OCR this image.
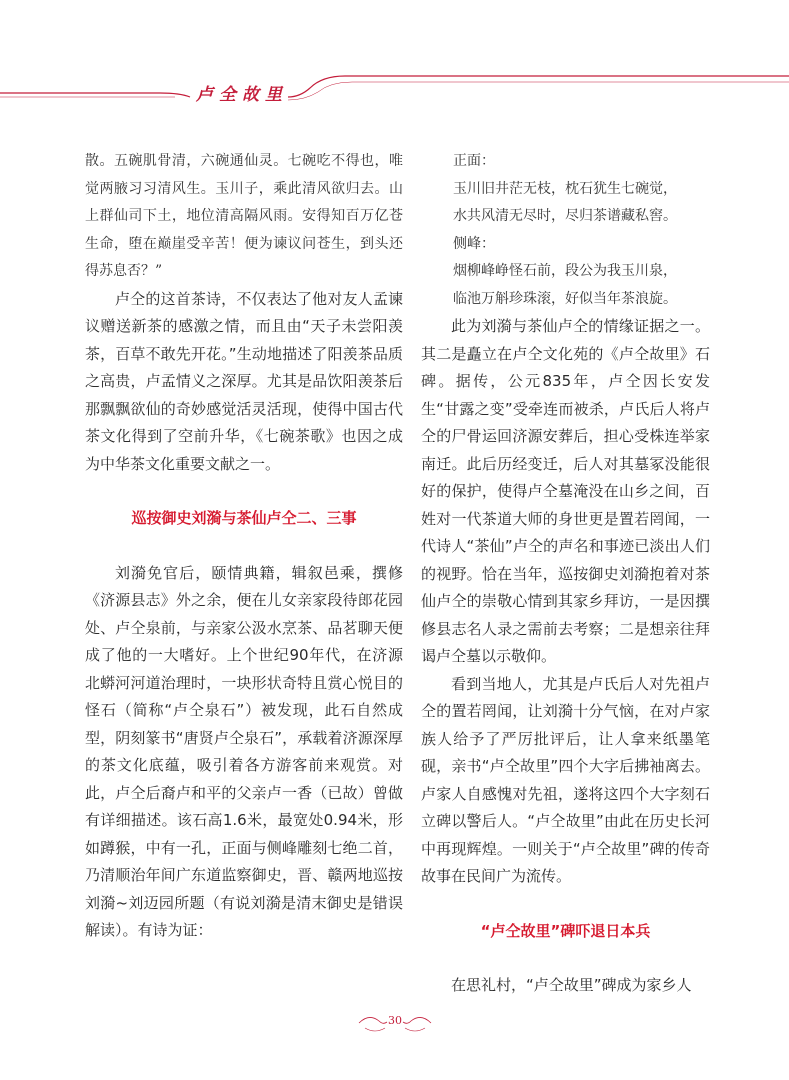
卢全故里

散。五碗肌骨清，六碗通仙灵。七碗吃不得也，唯觉两腋习习清风生。玉川子，乘此清风欲归去。山上群仙司下土，地位清高隔风雨。安得知百万亿苍生命，堕在巅崖受辛苦！便为谏议问苍生，到头还得苏息否？”

卢仝的这首茶诗，不仅表达了他对友人孟谏议赠送新茶的感激之情，而且由“天子未尝阳羡茶，百草不敢先开花。”生动地描述了阳羡茶品质之高贵，卢孟情义之深厚。尤其是品饮阳羡茶后那飘飘欲仙的奇妙感觉活灵活现，使得中国古代茶文化得到了空前升华，《七碗茶歌》也因之成为中华茶文化重要文献之一。

巡按御史刘漪与茶仙卢仝二、三事

刘漪免官后，颐情典籍，辑叙邑乘，撰修《济源县志》外之余，便在儿女亲家段待郎花园处、卢仝泉前，与亲家公汲水烹茶、品茗聊天便成了他的一大嗜好。上个世纪90年代，在济源北蟒河河道治理时，一块形状奇特且赏心悦目的怪石（简称“卢仝泉石”）被发现，此石自然成型，阴刻篆书“唐贤卢仝泉石”，承载着济源深厚的茶文化底蕴，吸引着各方游客前来观赏。对此，卢仝后裔卢和平的父亲卢一香（已故）曾做有详细描述。该石高1.6米，最宽处0.94米，形如蹲猴，中有一孔，正面与侧峰雕刻七绝二首，乃清顺治年间广东道监察御史，晋、赣两地巡按刘漪~刘迈园所题（有说刘漪是清末御史是错误解读）。有诗为证：

正面：
玉川旧井茫无枝，枕石犹生七碗觉，
水共风清无尽时，尽归茶谱藏私窖。
侧峰：
烟柳峰峥怪石前，段公为我玉川泉，
临池万斛珍珠滚，好似当年茶浪旋。

此为刘漪与茶仙卢仝的情缘证据之一。其二是矗立在卢仝文化苑的《卢仝故里》石碑。据传，公元835年，卢仝因长安发生“甘露之变”受牵连而被杀，卢氏后人将卢仝的尸骨运回济源安葬后，担心受株连举家南迁。此后历经变迁，后人对其墓冢没能很好的保护，使得卢仝墓淹没在山乡之间，百姓对一代茶道大师的身世更是置若罔闻，一代诗人“茶仙”卢仝的声名和事迹已淡出人们的视野。恰在当年，巡按御史刘漪抱着对茶仙卢仝的崇敬心情到其家乡拜访，一是因撰修县志名人录之需前去考察；二是想亲往拜谒卢仝墓以示敬仰。

看到当地人，尤其是卢氏后人对先祖卢仝的置若罔闻，让刘漪十分气恼，在对卢家族人给予了严厉批评后，让人拿来纸墨笔砚，亲书“卢仝故里”四个大字后拂袖离去。卢家人自感愧对先祖，遂将这四个大字刻石立碑以警后人。“卢仝故里”由此在历史长河中再现辉煌。一则关于“卢仝故里”碑的传奇故事在民间广为流传。

“卢仝故里”碑吓退日本兵

在思礼村，“卢仝故里”碑成为家乡人

30
